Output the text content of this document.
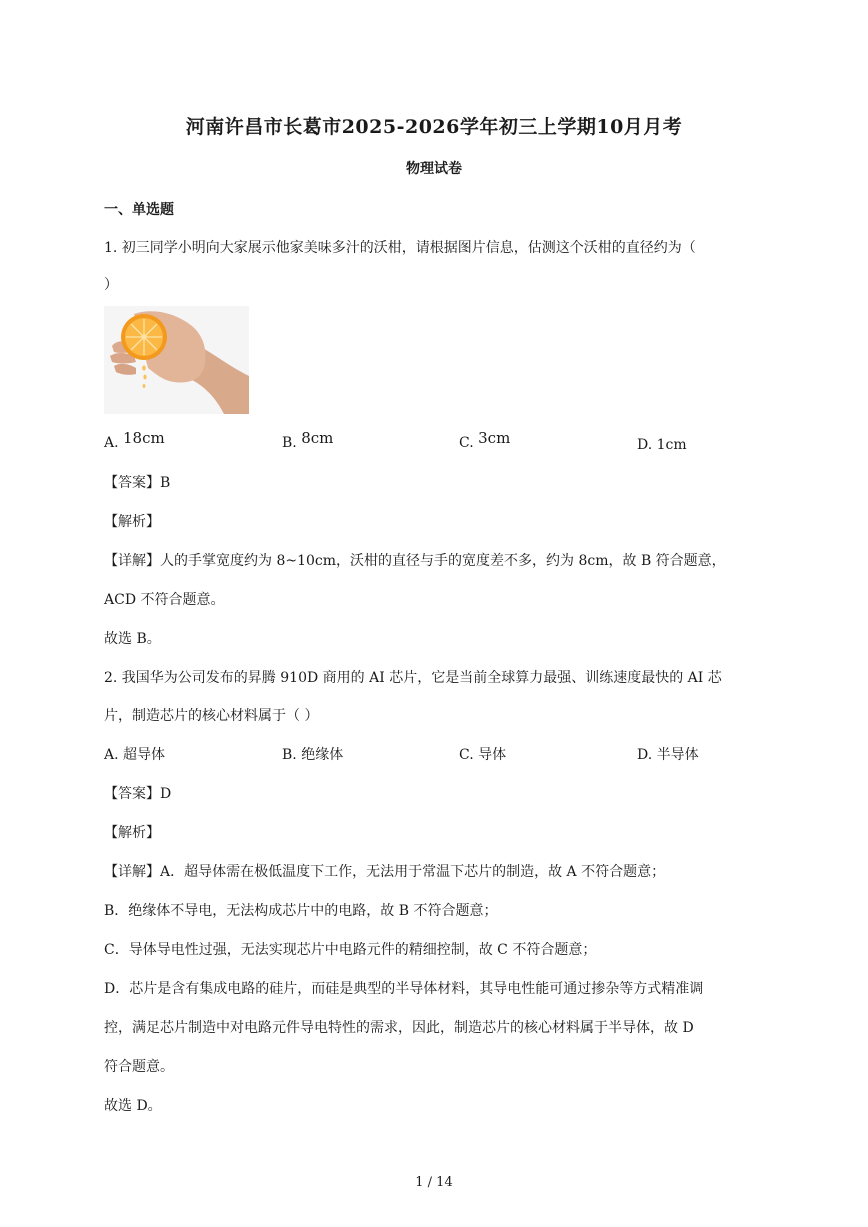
河南许昌市长葛市2025-2026学年初三上学期10月月考
物理试卷
一、单选题
1. 初三同学小明向大家展示他家美味多汁的沃柑，请根据图片信息，估测这个沃柑的直径约为（
）
A. 18cm	B. 8cm	C. 3cm	D. 1cm
【答案】B
【解析】
【详解】人的手掌宽度约为 8~10cm，沃柑的直径与手的宽度差不多，约为 8cm，故 B 符合题意，
ACD 不符合题意。
故选 B。
2. 我国华为公司发布的昇腾 910D 商用的 AI 芯片，它是当前全球算力最强、训练速度最快的 AI 芯
片，制造芯片的核心材料属于（ ）
A. 超导体	B. 绝缘体	C. 导体	D. 半导体
【答案】D
【解析】
【详解】A．超导体需在极低温度下工作，无法用于常温下芯片的制造，故 A 不符合题意；
B．绝缘体不导电，无法构成芯片中的电路，故 B 不符合题意；
C．导体导电性过强，无法实现芯片中电路元件的精细控制，故 C 不符合题意；
D．芯片是含有集成电路的硅片，而硅是典型的半导体材料，其导电性能可通过掺杂等方式精准调
控，满足芯片制造中对电路元件导电特性的需求，因此，制造芯片的核心材料属于半导体，故 D
符合题意。
故选 D。
1 / 14
